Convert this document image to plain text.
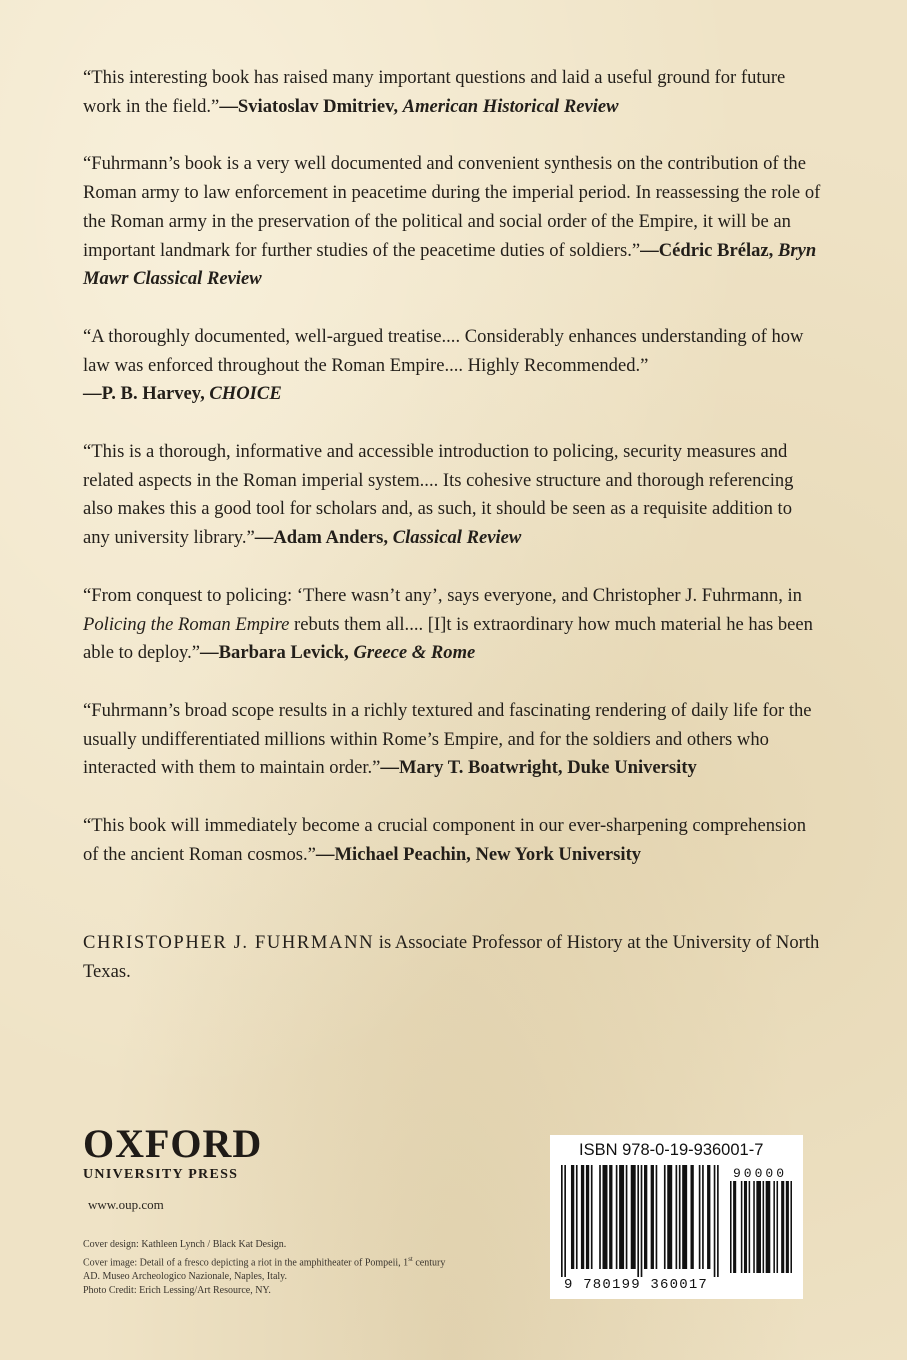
“This interesting book has raised many important questions and laid a useful ground for future work in the field.”—Sviatoslav Dmitriev, American Historical Review

“Fuhrmann’s book is a very well documented and convenient synthesis on the contribution of the Roman army to law enforcement in peacetime during the imperial period. In reassessing the role of the Roman army in the preservation of the political and social order of the Empire, it will be an important landmark for further studies of the peacetime duties of soldiers.”—Cédric Brélaz, Bryn Mawr Classical Review

“A thoroughly documented, well-argued treatise.... Considerably enhances understanding of how law was enforced throughout the Roman Empire.... Highly Recommended.”
—P. B. Harvey, CHOICE

“This is a thorough, informative and accessible introduction to policing, security measures and related aspects in the Roman imperial system.... Its cohesive structure and thorough referencing also makes this a good tool for scholars and, as such, it should be seen as a requisite addition to any university library.”—Adam Anders, Classical Review

“From conquest to policing: ‘There wasn’t any’, says everyone, and Christopher J. Fuhrmann, in Policing the Roman Empire rebuts them all.... [I]t is extraordinary how much material he has been able to deploy.”—Barbara Levick, Greece & Rome

“Fuhrmann’s broad scope results in a richly textured and fascinating rendering of daily life for the usually undifferentiated millions within Rome’s Empire, and for the soldiers and others who interacted with them to maintain order.”—Mary T. Boatwright, Duke University

“This book will immediately become a crucial component in our ever-sharpening comprehension of the ancient Roman cosmos.”—Michael Peachin, New York University

CHRISTOPHER J. FUHRMANN is Associate Professor of History at the University of North Texas.
OXFORD
UNIVERSITY PRESS
www.oup.com
Cover design: Kathleen Lynch / Black Kat Design.
Cover image: Detail of a fresco depicting a riot in the amphitheater of Pompeii, 1st century AD. Museo Archeologico Nazionale, Naples, Italy.
Photo Credit: Erich Lessing/Art Resource, NY.
ISBN 978-0-19-936001-7
90000
9 780199 360017
